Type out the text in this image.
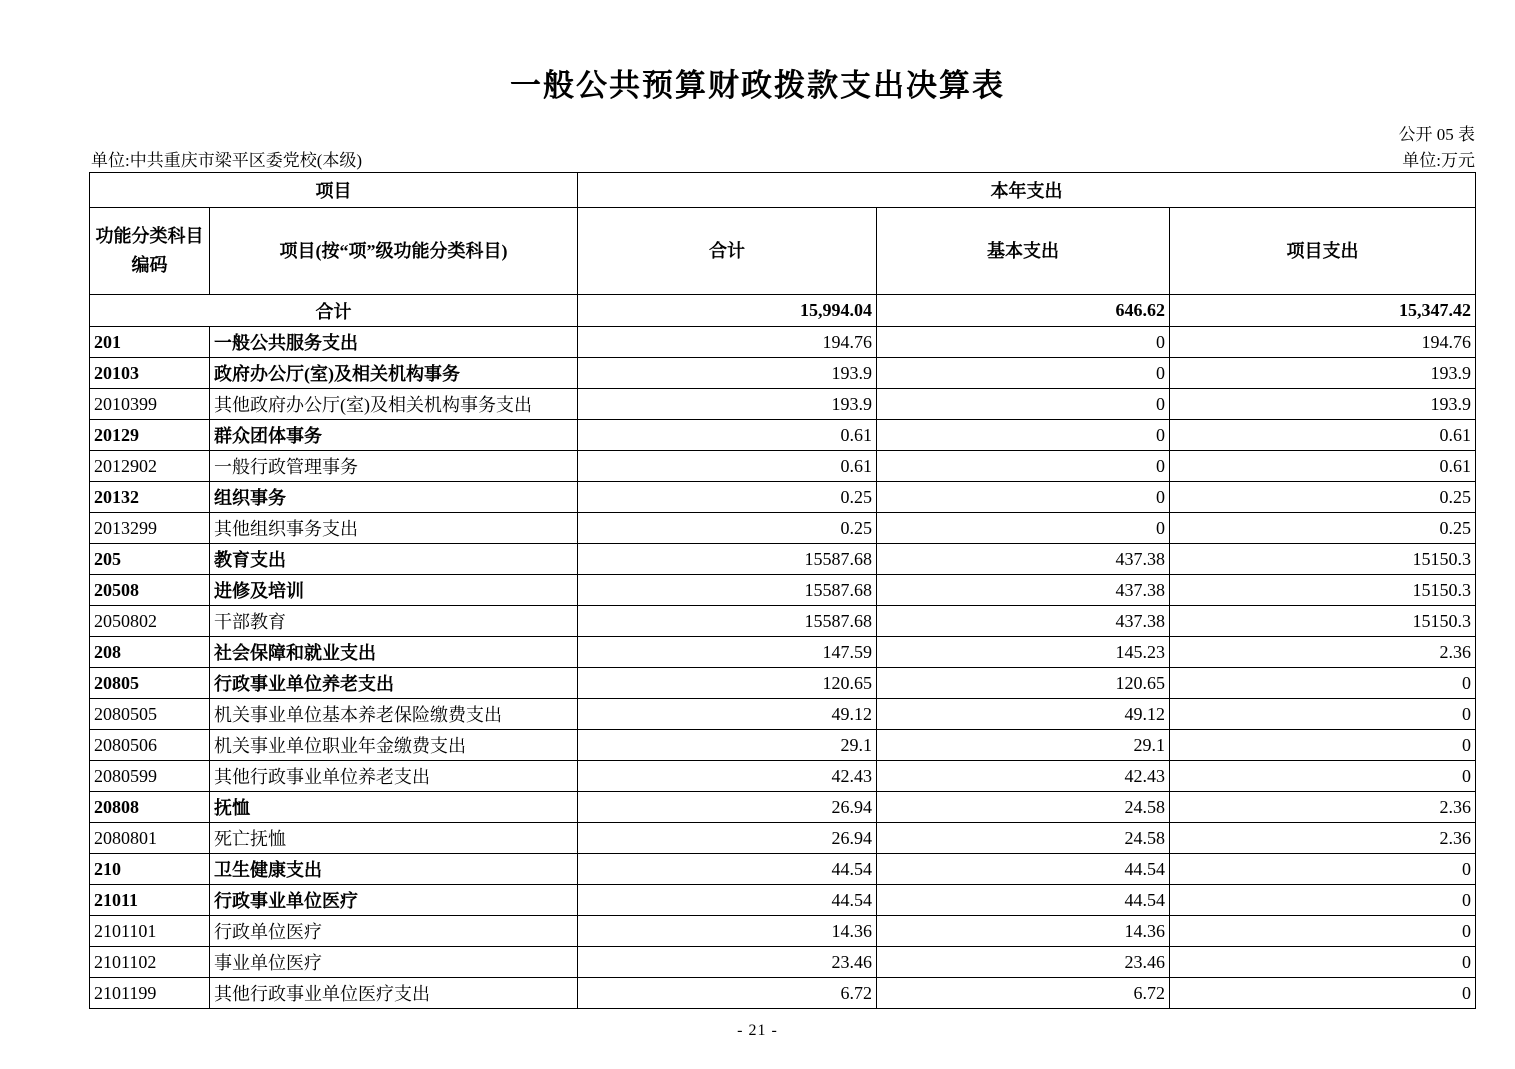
一般公共预算财政拨款支出决算表
公开 05 表
单位:中共重庆市梁平区委党校(本级)	单位:万元
项目		本年支出		

功能分类科目
编码	项目(按“项”级功能分类科目)	合计	基本支出	项目支出
合计		15,994.04	646.62	15,347.42
201	一般公共服务支出	194.76	0	194.76
20103	政府办公厅(室)及相关机构事务	193.9	0	193.9
2010399	其他政府办公厅(室)及相关机构事务支出	193.9	0	193.9
20129	群众团体事务	0.61	0	0.61
2012902	一般行政管理事务	0.61	0	0.61
20132	组织事务	0.25	0	0.25
2013299	其他组织事务支出	0.25	0	0.25
205	教育支出	15587.68	437.38	15150.3
20508	进修及培训	15587.68	437.38	15150.3
2050802	干部教育	15587.68	437.38	15150.3
208	社会保障和就业支出	147.59	145.23	2.36
20805	行政事业单位养老支出	120.65	120.65	0
2080505	机关事业单位基本养老保险缴费支出	49.12	49.12	0
2080506	机关事业单位职业年金缴费支出	29.1	29.1	0
2080599	其他行政事业单位养老支出	42.43	42.43	0
20808	抚恤	26.94	24.58	2.36
2080801	死亡抚恤	26.94	24.58	2.36
210	卫生健康支出	44.54	44.54	0
21011	行政事业单位医疗	44.54	44.54	0
2101101	行政单位医疗	14.36	14.36	0
2101102	事业单位医疗	23.46	23.46	0
2101199	其他行政事业单位医疗支出	6.72	6.72	0
- 21 -
